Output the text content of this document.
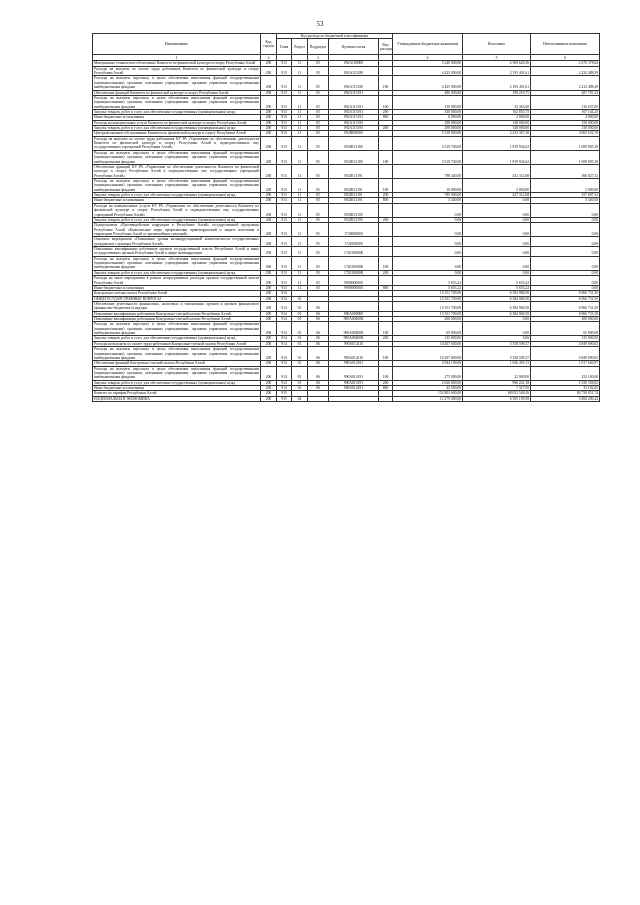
53
Наименование	Код строки	Код расхода по бюджетной классификации					Утвержденные бюджетные назначения	Исполнено	Неисполненные назначения
		Глава	Раздел	Подраздел	Целевая статья	Вид расхода			
1	2			3			4	5	6
Материально-техническое обеспечение Комитета по физической культуре и спорту Республики Алтай	200	913	11	05	092А100000		5 240 000,00	2 569 626,36	2 670 378,64
Расходы на выплаты по оплате труда работников Комитета по физической культуре и спорту Республики Алтай	200	913	11	05	092А113180		4 425 000,00	2 193 401,61	2 232 488,39
Расходы на выплаты персоналу в целях обеспечения выполнения функций государственными (муниципальными) органами, казенными учреждениями, органами управления государственными внебюджетными фондами	200	913	11	05	092А113180	100	4 425 000,00	2 193 401,61	2 232 488,39
Обеспечение функций Комитета по физической культуре и спорту Республики Алтай	200	913	11	05	092А113191		486 000,00	198 218,75	287 781,25
Расходы на выплаты персоналу в целях обеспечения выполнения функций государственными (муниципальными) органами, казенными учреждениями, органами управления государственными внебюджетными фондами	200	913	11	05	092А113191	100	150 000,00	33 363,00	116 637,00
Закупка товаров, работ и услуг для обеспечения государственных (муниципальных) нужд	200	913	11	05	092А113191	200	330 000,00	162 855,75	167 144,25
Иные бюджетные ассигнования	200	913	11	05	092А113191	800	6 000,00	2 000,00	4 000,00
Расходы на коммунальные услуги Комитета по физической культуре и спорту Республики Алтай	200	913	11	05	092А113195		298 000,00	148 000,00	150 000,00
Закупка товаров, работ и услуг для обеспечения государственных (муниципальных) нужд	200	913	11	05	092А113195	200	298 000,00	148 000,00	150 000,00
Централизованное обслуживание Комитета по физической культуре и спорту Республики Алтай	200	913	11	05	092Ш00000		5 318 000,00	2 252 367,30	3 065 632,70
Расходы на выплаты по оплате труда работников КУ РА «Управление по обеспечению деятельности Комитета по физической культуре и спорту Республики Алтай и подведомственных ему государственных учреждений Республики Алтай»	200	913	11	05	092Ш13180		3 519 740,00	1 819 934,62	1 699 805,38
Расходы на выплаты персоналу в целях обеспечения выполнения функций государственными (муниципальными) органами, казенными учреждениями, органами управления государственными внебюджетными фондами	200	913	11	05	092Ш13180	100	3 519 740,00	1 819 934,62	1 699 805,38
Обеспечение функций КУ РА «Управление по обеспечению деятельности Комитета по физической культуре и спорту Республики Алтай и подведомственных ему государственных учреждений Республики Алтай»	200	913	11	05	092Ш13191		798 340,00	432 312,68	366 027,32
Расходы на выплаты персоналу в целях обеспечения выполнения функций государственными (муниципальными) органами, казенными учреждениями, органами управления государственными внебюджетными фондами	200	913	11	05	092Ш13191	100	10 000,00	5 000,00	5 000,00
Закупка товаров, работ и услуг для обеспечения государственных (муниципальных) нужд	200	913	11	05	092Ш13191	200	785 000,00	427 312,68	357 687,32
Иные бюджетные ассигнования	200	913	11	05	092Ш13191	800	3 340,00	0,00	3 340,00
Расходы на коммунальные услуги КУ РА «Управление по обеспечению деятельности Комитета по физической культуре и спорту Республики Алтай и подведомственных ему государственных учреждений Республики Алтай»	200	913	11	05	092Ш13195		0,00	0,00	0,00
Закупка товаров, работ и услуг для обеспечения государственных (муниципальных) нужд	200	913	11	05	092Ш13195	200	0,00	0,00	0,00
Подпрограмма «Противодействие коррупции в Республике Алтай» государственной программы Республики Алтай «Комплексные меры профилактики правонарушений и защита населения и территории Республики Алтай от чрезвычайных ситуаций»	200	913	11	05	1720000000		0,00	0,00	0,00
Основное мероприятие «Повышение уровня антикоррупционной компетентности государственных гражданских служащих Республики Алтай»	200	913	11	05	1720100000		0,00	0,00	0,00
Повышение квалификации работников органов государственной власти Республики Алтай и иных государственных органов Республики Алтай в сфере антикоррупции	200	913	11	05	172010000К		0,00	0,00	0,00
Расходы на выплаты персоналу в целях обеспечения выполнения функций государственными (муниципальными) органами, казенными учреждениями, органами управления государственными внебюджетными фондами	200	913	11	05	172010000К	100	0,00	0,00	0,00
Закупка товаров, работ и услуг для обеспечения государственных (муниципальных) нужд	200	913	11	05	172010000К	200	0,00	0,00	0,00
Расходы на иные мероприятия в рамках непрограммных расходов органов государственной власти Республики Алтай	200	913	11	05	9900000000		5 653,22	5 653,22	0,00
Иные бюджетные ассигнования	200	913	11	05	9900000000	800	5 653,22	5 653,22	0,00
Контрольно-счетная палата Республики Алтай	200	914					13 351 700,00	6 384 968,50	6 966 731,50
ОБЩЕГОСУДАРСТВЕННЫЕ ВОПРОСЫ	200	914	01				13 351 700,00	6 384 968,50	6 966 731,50
Обеспечение деятельности финансовых, налоговых и таможенных органов и органов финансового (финансово-бюджетного) надзора	200	914	01	06			13 351 700,00	6 384 968,50	6 966 731,50
Повышение квалификации работников Контрольно-счетной палаты Республики Алтай	200	914	01	06	990А000000		13 351 700,00	6 384 968,50	6 966 731,50
Повышение квалификации работников Контрольно-счетной палаты Республики Алтай	200	914	01	06	990А00400К		200 000,00	0,00	200 000,00
Расходы на выплаты персоналу в целях обеспечения выполнения функций государственными (муниципальными) органами, казенными учреждениями, органами управления государственными внебюджетными фондами	200	914	01	06	990А00400К	100	65 000,00	0,00	65 000,00
Закупка товаров, работ и услуг для обеспечения государственных (муниципальных) нужд	200	914	01	06	990А00400К	200	135 000,00	0,00	135 000,00
Расходы на выплаты по оплате труда работников Контрольно-счетной палаты Республики Алтай	200	914	01	06	990А014110		10 207 600,00	5 358 509,37	4 849 090,63
Расходы на выплаты персоналу в целях обеспечения выполнения функций государственными (муниципальными) органами, казенными учреждениями, органами управления государственными внебюджетными фондами	200	914	01	06	990А014110	100	10 207 600,00	5 358 509,37	4 849 090,63
Обеспечение функций Контрольно-счетной палаты Республики Алтай	200	914	01	06	990А014191		2 944 100,00	1 026 459,13	1 917 640,87
Расходы на выплаты персоналу в целях обеспечения выполнения функций государственными (муниципальными) органами, казенными учреждениями, органами управления государственными внебюджетными фондами	200	914	01	06	990А014191	100	275 000,00	22 900,00	252 100,00
Закупка товаров, работ и услуг для обеспечения государственных (муниципальных) нужд	200	914	01	06	990А014191	200	2 626 600,00	996 241,18	1 630 358,82
Иные бюджетные ассигнования	200	914	01	06	990А014191	800	42 500,00	7 317,95	35 182,05
Комитет по тарифам Республики Алтай	200	915					152 803 600,00	68 052 548,26	84 750 051,74
НАЦИОНАЛЬНАЯ ЭКОНОМИКА	200	915	04				12 279 400,00	6 395 199,58	5 884 200,42
